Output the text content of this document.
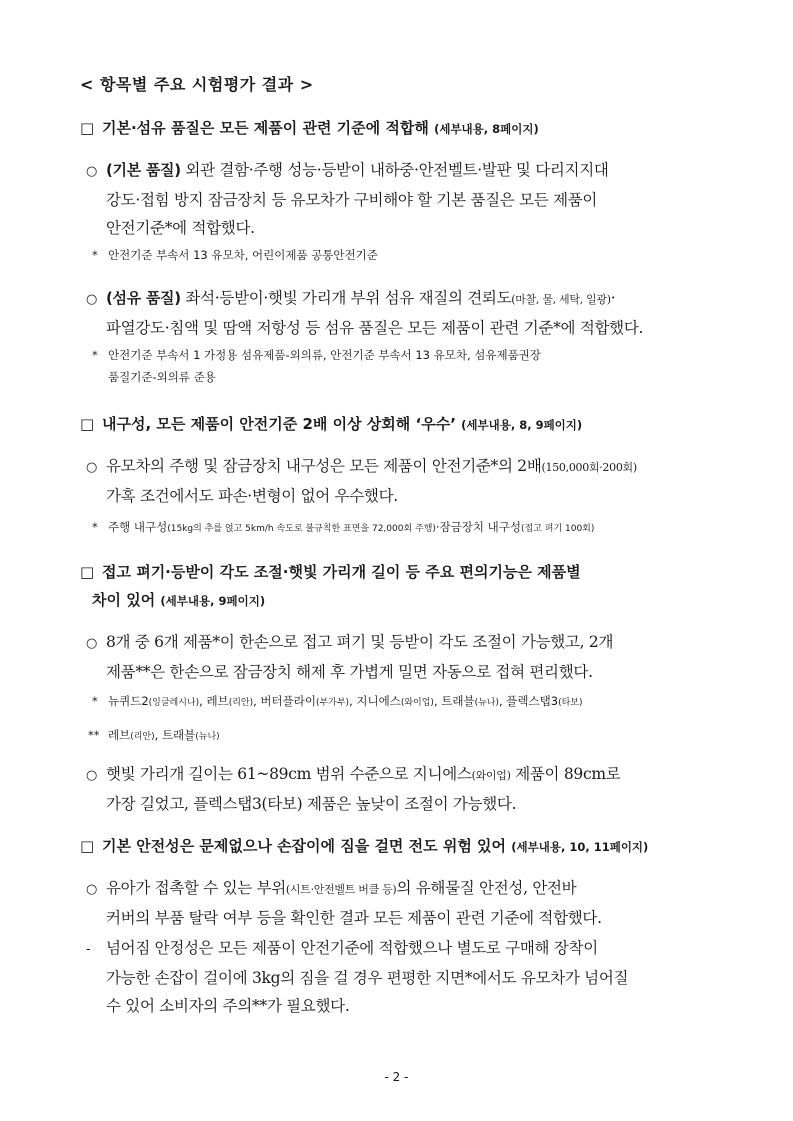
< 항목별 주요 시험평가 결과 >
□ 기본·섬유 품질은 모든 제품이 관련 기준에 적합해 (세부내용, 8페이지)
○ (기본 품질) 외관 결함·주행 성능·등받이 내하중·안전벨트·발판 및 다리지지대
강도·접힘 방지 잠금장치 등 유모차가 구비해야 할 기본 품질은 모든 제품이
안전기준*에 적합했다.
* 안전기준 부속서 13 유모차, 어린이제품 공통안전기준
○ (섬유 품질) 좌석·등받이·햇빛 가리개 부위 섬유 재질의 견뢰도(마찰, 물, 세탁, 일광)·
파열강도·침액 및 땀액 저항성 등 섬유 품질은 모든 제품이 관련 기준*에 적합했다.
* 안전기준 부속서 1 가정용 섬유제품-외의류, 안전기준 부속서 13 유모차, 섬유제품권장
품질기준-외의류 준용
□ 내구성, 모든 제품이 안전기준 2배 이상 상회해 ‘우수’ (세부내용, 8, 9페이지)
○ 유모차의 주행 및 잠금장치 내구성은 모든 제품이 안전기준*의 2배(150,000회·200회)
가혹 조건에서도 파손·변형이 없어 우수했다.
* 주행 내구성(15kg의 추를 얹고 5km/h 속도로 불규칙한 표면을 72,000회 주행)·잠금장치 내구성(접고 펴기 100회)
□ 접고 펴기·등받이 각도 조절·햇빛 가리개 길이 등 주요 편의기능은 제품별
차이 있어 (세부내용, 9페이지)
○ 8개 중 6개 제품*이 한손으로 접고 펴기 및 등받이 각도 조절이 가능했고, 2개
제품**은 한손으로 잠금장치 해제 후 가볍게 밀면 자동으로 접혀 편리했다.
* 뉴퀴드2(잉글레시나), 레브(리안), 버터플라이(부가부), 지니에스(와이업), 트래블(뉴나), 플렉스탭3(타보)
** 레브(리안), 트래블(뉴나)
○ 햇빛 가리개 길이는 61~89cm 범위 수준으로 지니에스(와이업) 제품이 89cm로
가장 길었고, 플렉스탭3(타보) 제품은 높낮이 조절이 가능했다.
□ 기본 안전성은 문제없으나 손잡이에 짐을 걸면 전도 위험 있어 (세부내용, 10, 11페이지)
○ 유아가 접촉할 수 있는 부위(시트·안전벨트 버클 등)의 유해물질 안전성, 안전바
커버의 부품 탈락 여부 등을 확인한 결과 모든 제품이 관련 기준에 적합했다.
- 넘어짐 안정성은 모든 제품이 안전기준에 적합했으나 별도로 구매해 장착이
가능한 손잡이 걸이에 3kg의 짐을 걸 경우 편평한 지면*에서도 유모차가 넘어질
수 있어 소비자의 주의**가 필요했다.
- 2 -
